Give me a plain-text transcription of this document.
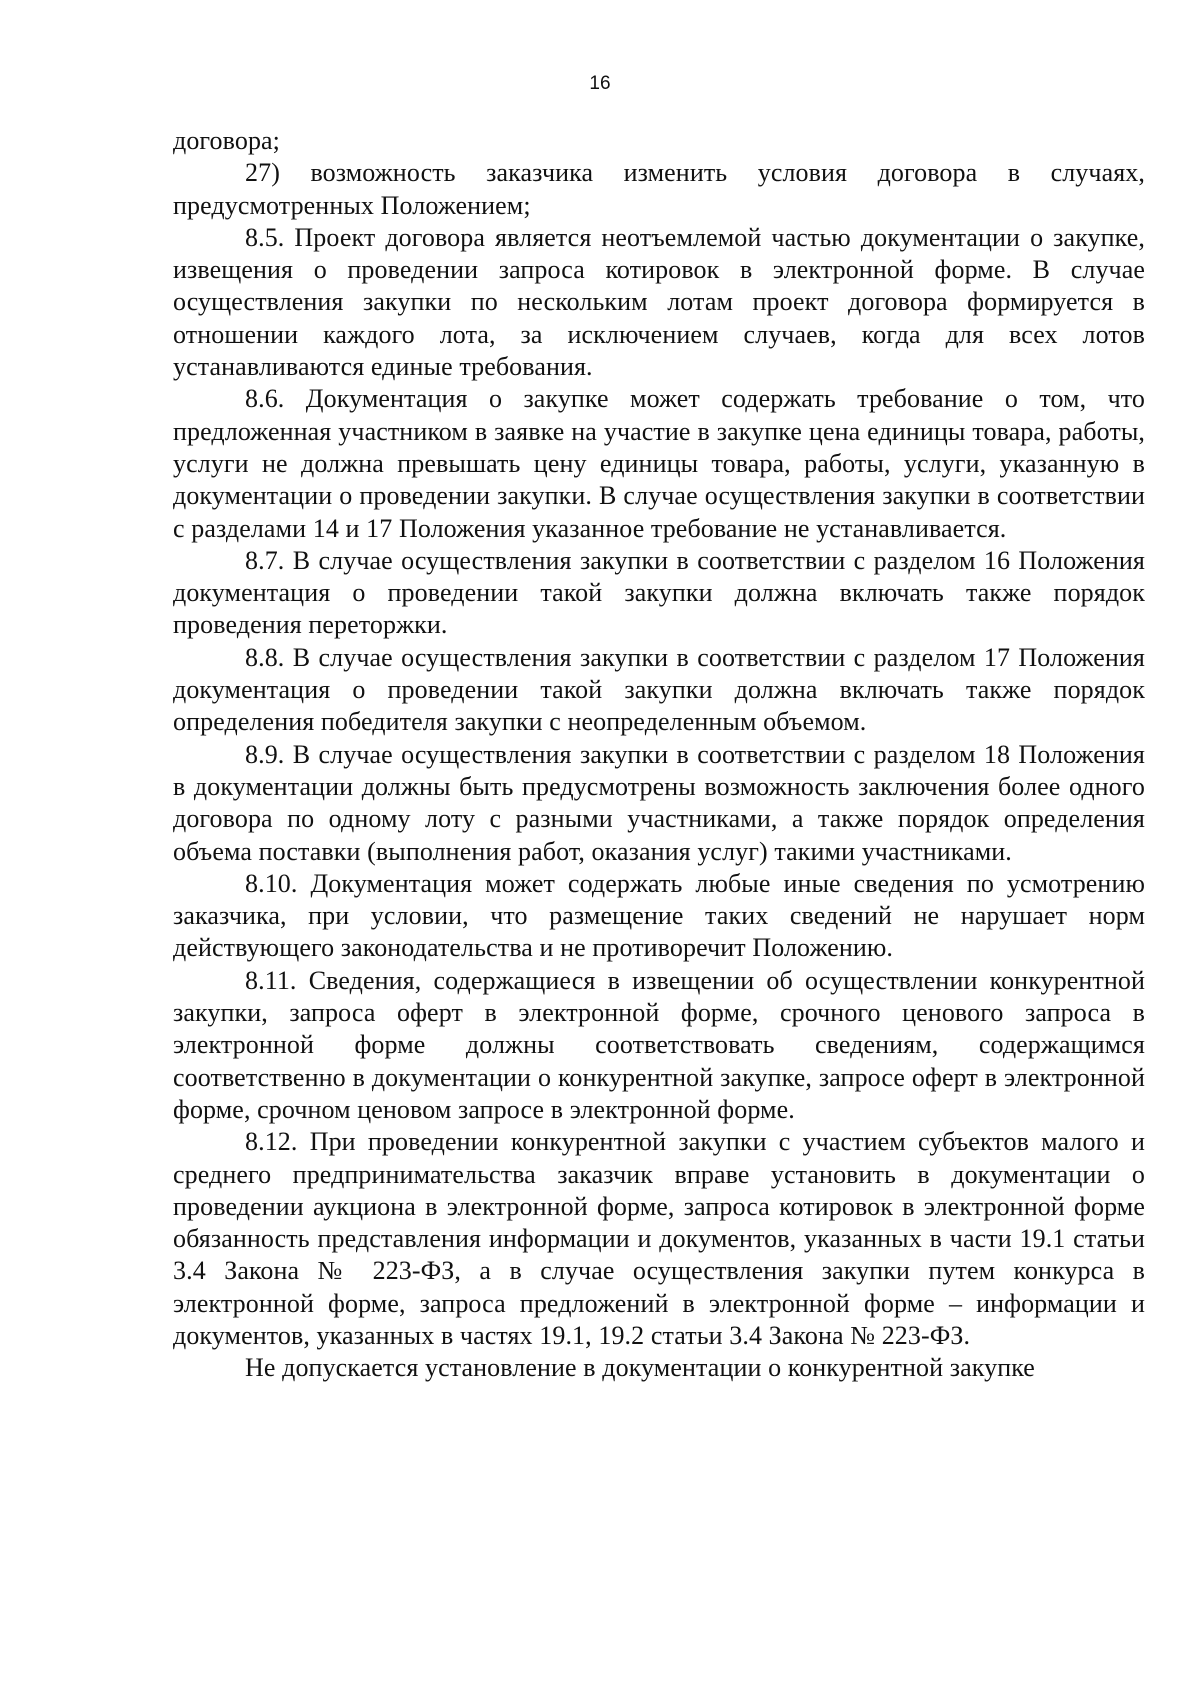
16

договора;

27) возможность заказчика изменить условия договора в случаях, предусмотренных Положением;

8.5. Проект договора является неотъемлемой частью документации о закупке, извещения о проведении запроса котировок в электронной форме. В случае осуществления закупки по нескольким лотам проект договора формируется в отношении каждого лота, за исключением случаев, когда для всех лотов устанавливаются единые требования.

8.6. Документация о закупке может содержать требование о том, что предложенная участником в заявке на участие в закупке цена единицы товара, работы, услуги не должна превышать цену единицы товара, работы, услуги, указанную в документации о проведении закупки. В случае осуществления закупки в соответствии с разделами 14 и 17 Положения указанное требование не устанавливается.

8.7. В случае осуществления закупки в соответствии с разделом 16 Положения документация о проведении такой закупки должна включать также порядок проведения переторжки.

8.8. В случае осуществления закупки в соответствии с разделом 17 Положения документация о проведении такой закупки должна включать также порядок определения победителя закупки с неопределенным объемом.

8.9. В случае осуществления закупки в соответствии с разделом 18 Положения в документации должны быть предусмотрены возможность заключения более одного договора по одному лоту с разными участниками, а также порядок определения объема поставки (выполнения работ, оказания услуг) такими участниками.

8.10. Документация может содержать любые иные сведения по усмотрению заказчика, при условии, что размещение таких сведений не нарушает норм действующего законодательства и не противоречит Положению.

8.11. Сведения, содержащиеся в извещении об осуществлении конкурентной закупки, запроса оферт в электронной форме, срочного ценового запроса в электронной форме должны соответствовать сведениям, содержащимся соответственно в документации о конкурентной закупке, запросе оферт в электронной форме, срочном ценовом запросе в электронной форме.

8.12. При проведении конкурентной закупки с участием субъектов малого и среднего предпринимательства заказчик вправе установить в документации о проведении аукциона в электронной форме, запроса котировок в электронной форме обязанность представления информации и документов, указанных в части 19.1 статьи 3.4 Закона № 223-ФЗ, а в случае осуществления закупки путем конкурса в электронной форме, запроса предложений в электронной форме – информации и документов, указанных в частях 19.1, 19.2 статьи 3.4 Закона № 223-ФЗ.

Не допускается установление в документации о конкурентной закупке
